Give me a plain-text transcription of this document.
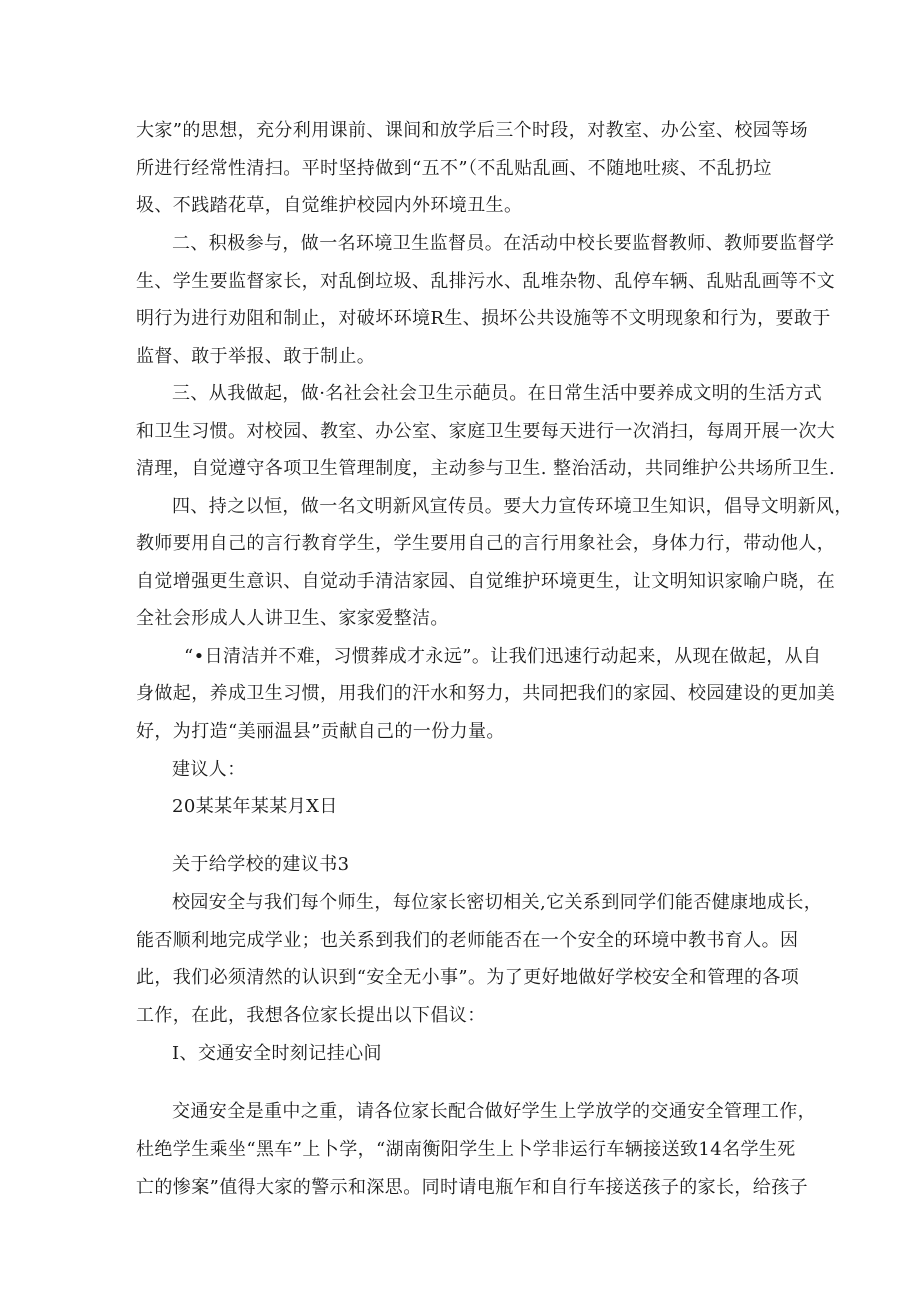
大家”的思想，充分利用课前、课间和放学后三个时段，对教室、办公室、校园等场
所进行经常性清扫。平时坚持做到“五不”（不乱贴乱画、不随地吐痰、不乱扔垃
圾、不践踏花草，自觉维护校园内外环境丑生。
二、积极参与，做一名环境卫生监督员。在活动中校长要监督教师、教师要监督学
生、学生要监督家长，对乱倒垃圾、乱排污水、乱堆杂物、乱停车辆、乱贴乱画等不文
明行为进行劝阻和制止，对破坏环境R生、损坏公共设施等不文明现象和行为，要敢于
监督、敢于举报、敢于制止。
三、从我做起，做·名社会社会卫生示葩员。在日常生活中要养成文明的生活方式
和卫生习惯。对校园、教室、办公室、家庭卫生要每天进行一次消扫，每周开展一次大
清理，自觉遵守各项卫生管理制度，主动参与卫生. 整治活动，共同维护公共场所卫生.
四、持之以恒，做一名文明新风宣传员。要大力宣传环境卫生知识，倡导文明新风，
教师要用自己的言行教育学生，学生要用自己的言行用象社会，身体力行，带动他人，
自觉增强更生意识、自觉动手清洁家园、自觉维护环境更生，让文明知识家喻户晓，在
全社会形成人人讲卫生、家家爱整洁。
“•日清洁并不难，习惯葬成才永远”。让我们迅速行动起来，从现在做起，从自
身做起，养成卫生习惯，用我们的汗水和努力，共同把我们的家园、校园建设的更加美
好，为打造“美丽温县”贡献自己的一份力量。
建议人：
20某某年某某月X日
关于给学校的建议书3
校园安全与我们每个师生，每位家长密切相关,它关系到同学们能否健康地成长，
能否顺利地完成学业；也关系到我们的老师能否在一个安全的环境中教书育人。因
此，我们必须清然的认识到“安全无小事”。为了更好地做好学校安全和管理的各项
工作，在此，我想各位家长提出以下倡议：
I、交通安全时刻记挂心间
交通安全是重中之重，请各位家长配合做好学生上学放学的交通安全管理工作，
杜绝学生乘坐“黑车”上卜学，“湖南衡阳学生上卜学非运行车辆接送致14名学生死
亡的惨案”值得大家的警示和深思。同时请电瓶乍和自行车接送孩子的家长，给孩子
